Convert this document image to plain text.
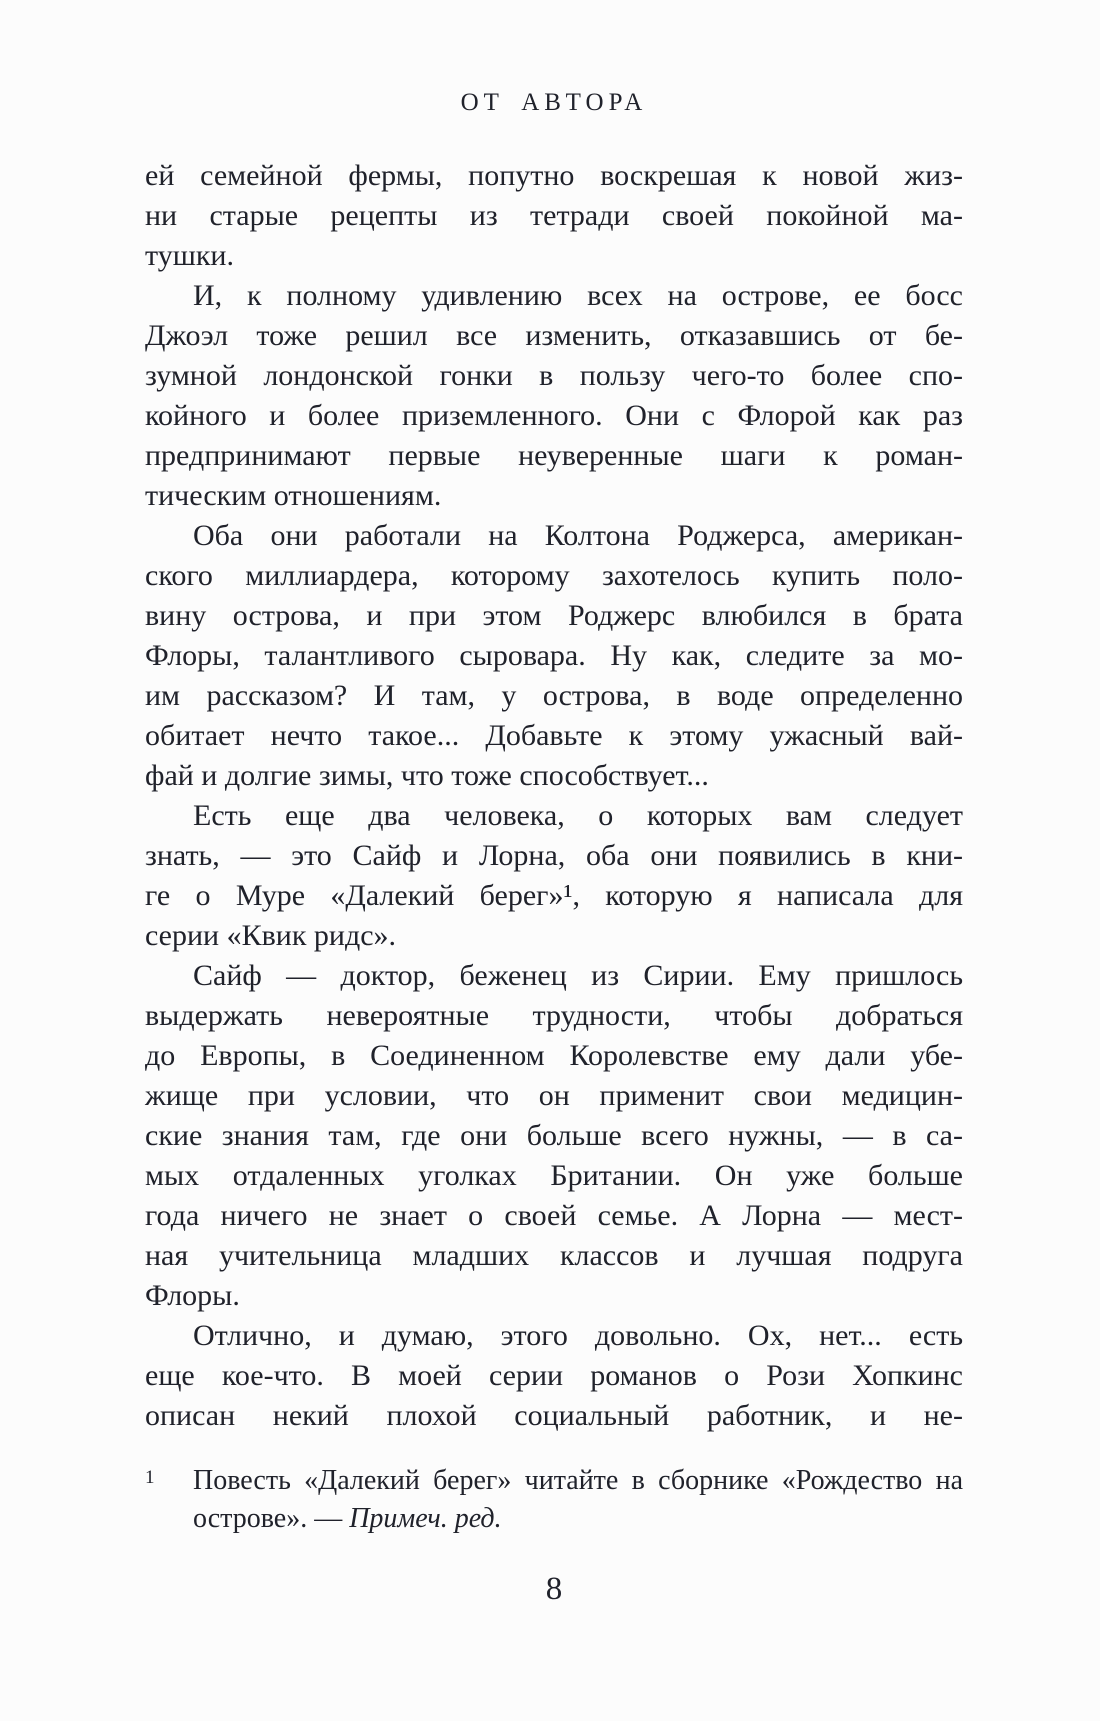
ОТ АВТОРА
ей семейной фермы, попутно воскрешая к новой жиз-
ни старые рецепты из тетради своей покойной ма-
тушки.
И, к полному удивлению всех на острове, ее босс
Джоэл тоже решил все изменить, отказавшись от бе-
зумной лондонской гонки в пользу чего-то более спо-
койного и более приземленного. Они с Флорой как раз
предпринимают первые неуверенные шаги к роман-
тическим отношениям.
Оба они работали на Колтона Роджерса, американ-
ского миллиардера, которому захотелось купить поло-
вину острова, и при этом Роджерс влюбился в брата
Флоры, талантливого сыровара. Ну как, следите за мо-
им рассказом? И там, у острова, в воде определенно
обитает нечто такое... Добавьте к этому ужасный вай-
фай и долгие зимы, что тоже способствует...
Есть еще два человека, о которых вам следует
знать, — это Сайф и Лорна, оба они появились в кни-
ге о Муре «Далекий берег»¹, которую я написала для
серии «Квик ридс».
Сайф — доктор, беженец из Сирии. Ему пришлось
выдержать невероятные трудности, чтобы добраться
до Европы, в Соединенном Королевстве ему дали убе-
жище при условии, что он применит свои медицин-
ские знания там, где они больше всего нужны, — в са-
мых отдаленных уголках Британии. Он уже больше
года ничего не знает о своей семье. А Лорна — мест-
ная учительница младших классов и лучшая подруга
Флоры.
Отлично, и думаю, этого довольно. Ох, нет... есть
еще кое-что. В моей серии романов о Рози Хопкинс
описан некий плохой социальный работник, и не-
1	Повесть «Далекий берег» читайте в сборнике «Рождество на
острове». — Примеч. ред.
8
